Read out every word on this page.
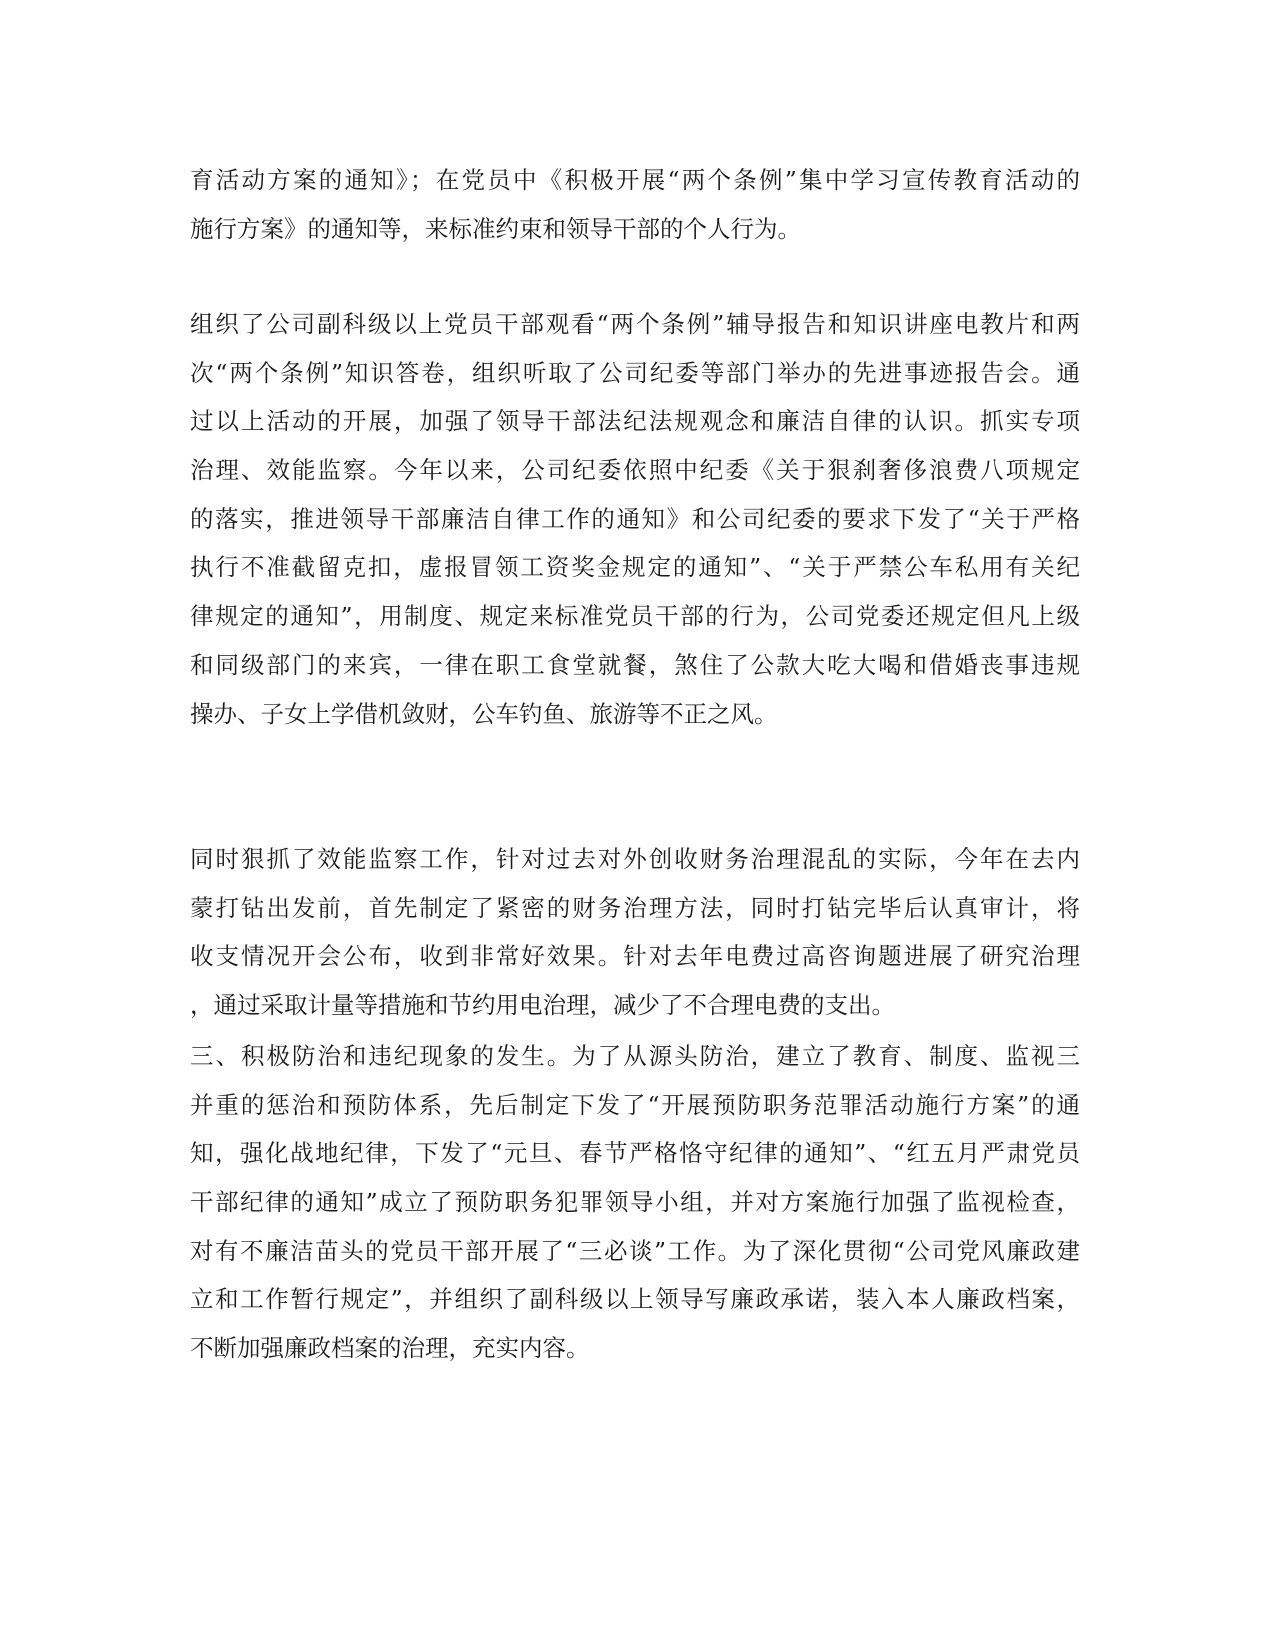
育活动方案的通知》；在党员中《积极开展“两个条例”集中学习宣传教育活动的
施行方案》的通知等，来标准约束和领导干部的个人行为。
组织了公司副科级以上党员干部观看“两个条例”辅导报告和知识讲座电教片和两
次“两个条例”知识答卷，组织听取了公司纪委等部门举办的先进事迹报告会。通
过以上活动的开展，加强了领导干部法纪法规观念和廉洁自律的认识。抓实专项
治理、效能监察。今年以来，公司纪委依照中纪委《关于狠刹奢侈浪费八项规定
的落实，推进领导干部廉洁自律工作的通知》和公司纪委的要求下发了“关于严格
执行不准截留克扣，虚报冒领工资奖金规定的通知”、“关于严禁公车私用有关纪
律规定的通知”，用制度、规定来标准党员干部的行为，公司党委还规定但凡上级
和同级部门的来宾，一律在职工食堂就餐，煞住了公款大吃大喝和借婚丧事违规
操办、子女上学借机敛财，公车钓鱼、旅游等不正之风。
同时狠抓了效能监察工作，针对过去对外创收财务治理混乱的实际，今年在去内
蒙打钻出发前，首先制定了紧密的财务治理方法，同时打钻完毕后认真审计，将
收支情况开会公布，收到非常好效果。针对去年电费过高咨询题进展了研究治理
，通过采取计量等措施和节约用电治理，减少了不合理电费的支出。
三、积极防治和违纪现象的发生。为了从源头防治，建立了教育、制度、监视三
并重的惩治和预防体系，先后制定下发了“开展预防职务范罪活动施行方案”的通
知，强化战地纪律，下发了“元旦、春节严格恪守纪律的通知”、“红五月严肃党员
干部纪律的通知”成立了预防职务犯罪领导小组，并对方案施行加强了监视检查，
对有不廉洁苗头的党员干部开展了“三必谈”工作。为了深化贯彻“公司党风廉政建
立和工作暂行规定”，并组织了副科级以上领导写廉政承诺，装入本人廉政档案，
不断加强廉政档案的治理，充实内容。
